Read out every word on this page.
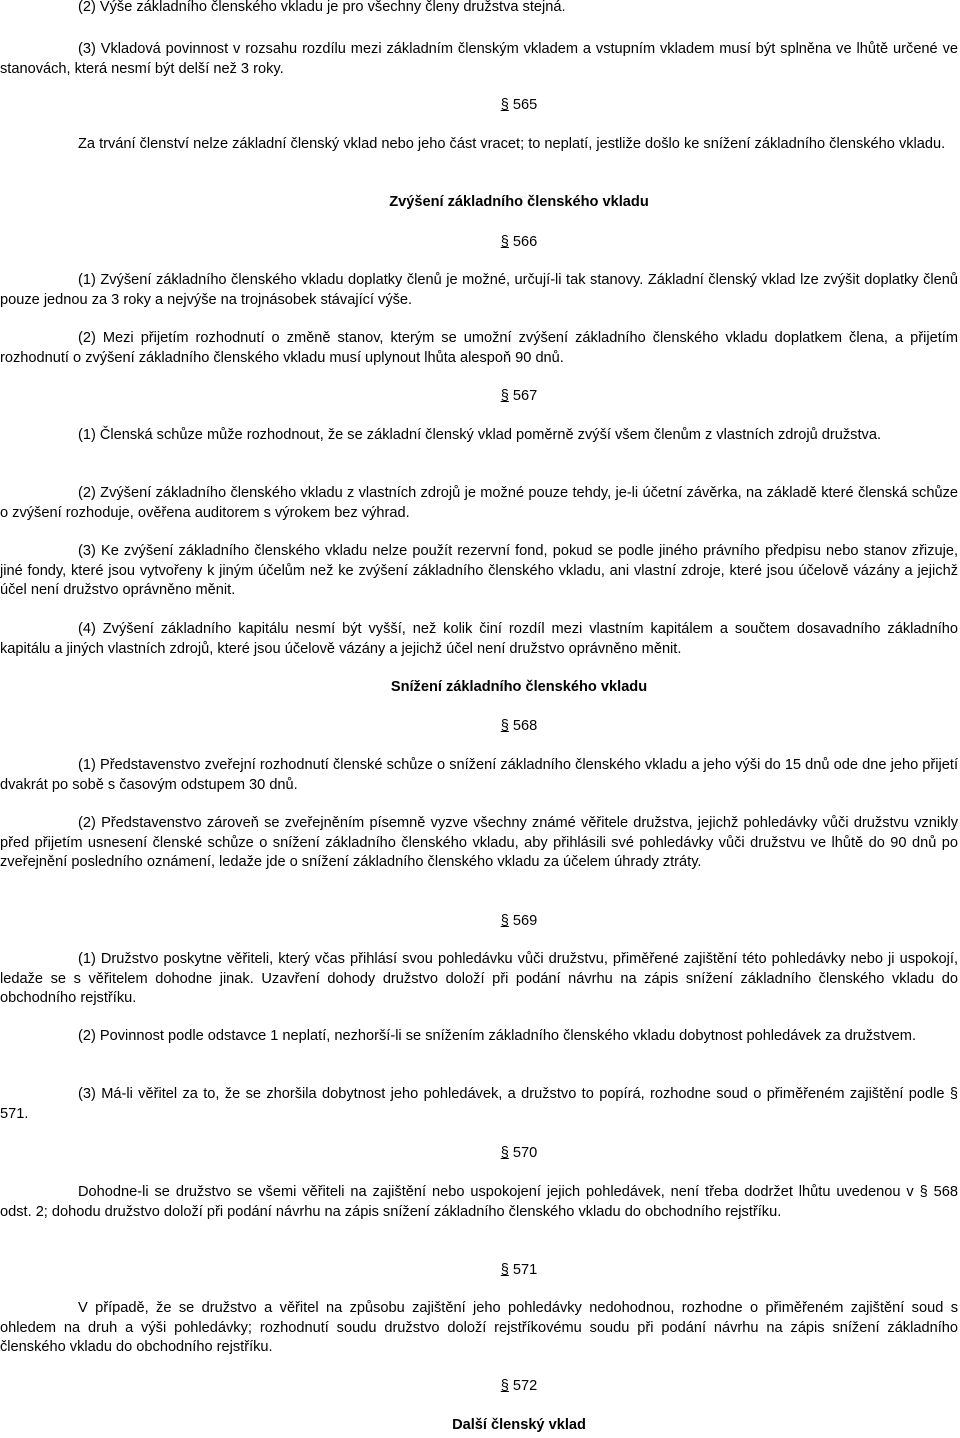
(2) Výše základního členského vkladu je pro všechny členy družstva stejná.

(3) Vkladová povinnost v rozsahu rozdílu mezi základním členským vkladem a vstupním vkladem musí být splněna ve lhůtě určené ve stanovách, která nesmí být delší než 3 roky.

§ 565

Za trvání členství nelze základní členský vklad nebo jeho část vracet; to neplatí, jestliže došlo ke snížení základního členského vkladu.

Zvýšení základního členského vkladu

§ 566

(1) Zvýšení základního členského vkladu doplatky členů je možné, určují-li tak stanovy. Základní členský vklad lze zvýšit doplatky členů pouze jednou za 3 roky a nejvýše na trojnásobek stávající výše.

(2) Mezi přijetím rozhodnutí o změně stanov, kterým se umožní zvýšení základního členského vkladu doplatkem člena, a přijetím rozhodnutí o zvýšení základního členského vkladu musí uplynout lhůta alespoň 90 dnů.

§ 567

(1) Členská schůze může rozhodnout, že se základní členský vklad poměrně zvýší všem členům z vlastních zdrojů družstva.

(2) Zvýšení základního členského vkladu z vlastních zdrojů je možné pouze tehdy, je-li účetní závěrka, na základě které členská schůze o zvýšení rozhoduje, ověřena auditorem s výrokem bez výhrad.

(3) Ke zvýšení základního členského vkladu nelze použít rezervní fond, pokud se podle jiného právního předpisu nebo stanov zřizuje, jiné fondy, které jsou vytvořeny k jiným účelům než ke zvýšení základního členského vkladu, ani vlastní zdroje, které jsou účelově vázány a jejichž účel není družstvo oprávněno měnit.

(4) Zvýšení základního kapitálu nesmí být vyšší, než kolik činí rozdíl mezi vlastním kapitálem a součtem dosavadního základního kapitálu a jiných vlastních zdrojů, které jsou účelově vázány a jejichž účel není družstvo oprávněno měnit.

Snížení základního členského vkladu

§ 568

(1) Představenstvo zveřejní rozhodnutí členské schůze o snížení základního členského vkladu a jeho výši do 15 dnů ode dne jeho přijetí dvakrát po sobě s časovým odstupem 30 dnů.

(2) Představenstvo zároveň se zveřejněním písemně vyzve všechny známé věřitele družstva, jejichž pohledávky vůči družstvu vznikly před přijetím usnesení členské schůze o snížení základního členského vkladu, aby přihlásili své pohledávky vůči družstvu ve lhůtě do 90 dnů po zveřejnění posledního oznámení, ledaže jde o snížení základního členského vkladu za účelem úhrady ztráty.

§ 569

(1) Družstvo poskytne věřiteli, který včas přihlásí svou pohledávku vůči družstvu, přiměřené zajištění této pohledávky nebo ji uspokojí, ledaže se s věřitelem dohodne jinak. Uzavření dohody družstvo doloží při podání návrhu na zápis snížení základního členského vkladu do obchodního rejstříku.

(2) Povinnost podle odstavce 1 neplatí, nezhorší-li se snížením základního členského vkladu dobytnost pohledávek za družstvem.

(3) Má-li věřitel za to, že se zhoršila dobytnost jeho pohledávek, a družstvo to popírá, rozhodne soud o přiměřeném zajištění podle § 571.

§ 570

Dohodne-li se družstvo se všemi věřiteli na zajištění nebo uspokojení jejich pohledávek, není třeba dodržet lhůtu uvedenou v § 568 odst. 2; dohodu družstvo doloží při podání návrhu na zápis snížení základního členského vkladu do obchodního rejstříku.

§ 571

V případě, že se družstvo a věřitel na způsobu zajištění jeho pohledávky nedohodnou, rozhodne o přiměřeném zajištění soud s ohledem na druh a výši pohledávky; rozhodnutí soudu družstvo doloží rejstříkovému soudu při podání návrhu na zápis snížení základního členského vkladu do obchodního rejstříku.

§ 572

Další členský vklad
